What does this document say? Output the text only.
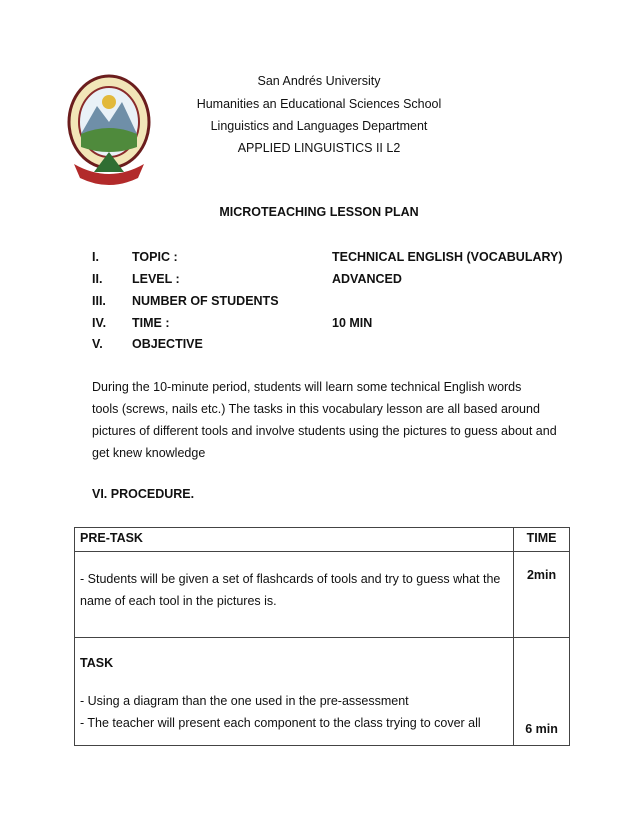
San Andrés University
Humanities an Educational Sciences School
Linguistics and Languages Department
APPLIED LINGUISTICS II L2
MICROTEACHING LESSON PLAN
I.	TOPIC :	TECHNICAL ENGLISH (VOCABULARY)
II. LEVEL :	ADVANCED
III. NUMBER OF STUDENTS
IV. TIME :	10 MIN
V. OBJECTIVE
During the 10-minute period, students will learn some technical English words
tools (screws, nails etc.) The tasks in this vocabulary lesson are all based around
pictures of different tools and involve students using the pictures to guess about and
get knew knowledge
VI. PROCEDURE.
PRE-TASK	TIME

- Students will be given a set of flashcards of tools and try to guess what the
name of each tool in the pictures is.	2min

TASK
- Using a diagram than the one used in the pre-assessment
- The teacher will present each component to the class trying to cover all	6 min
